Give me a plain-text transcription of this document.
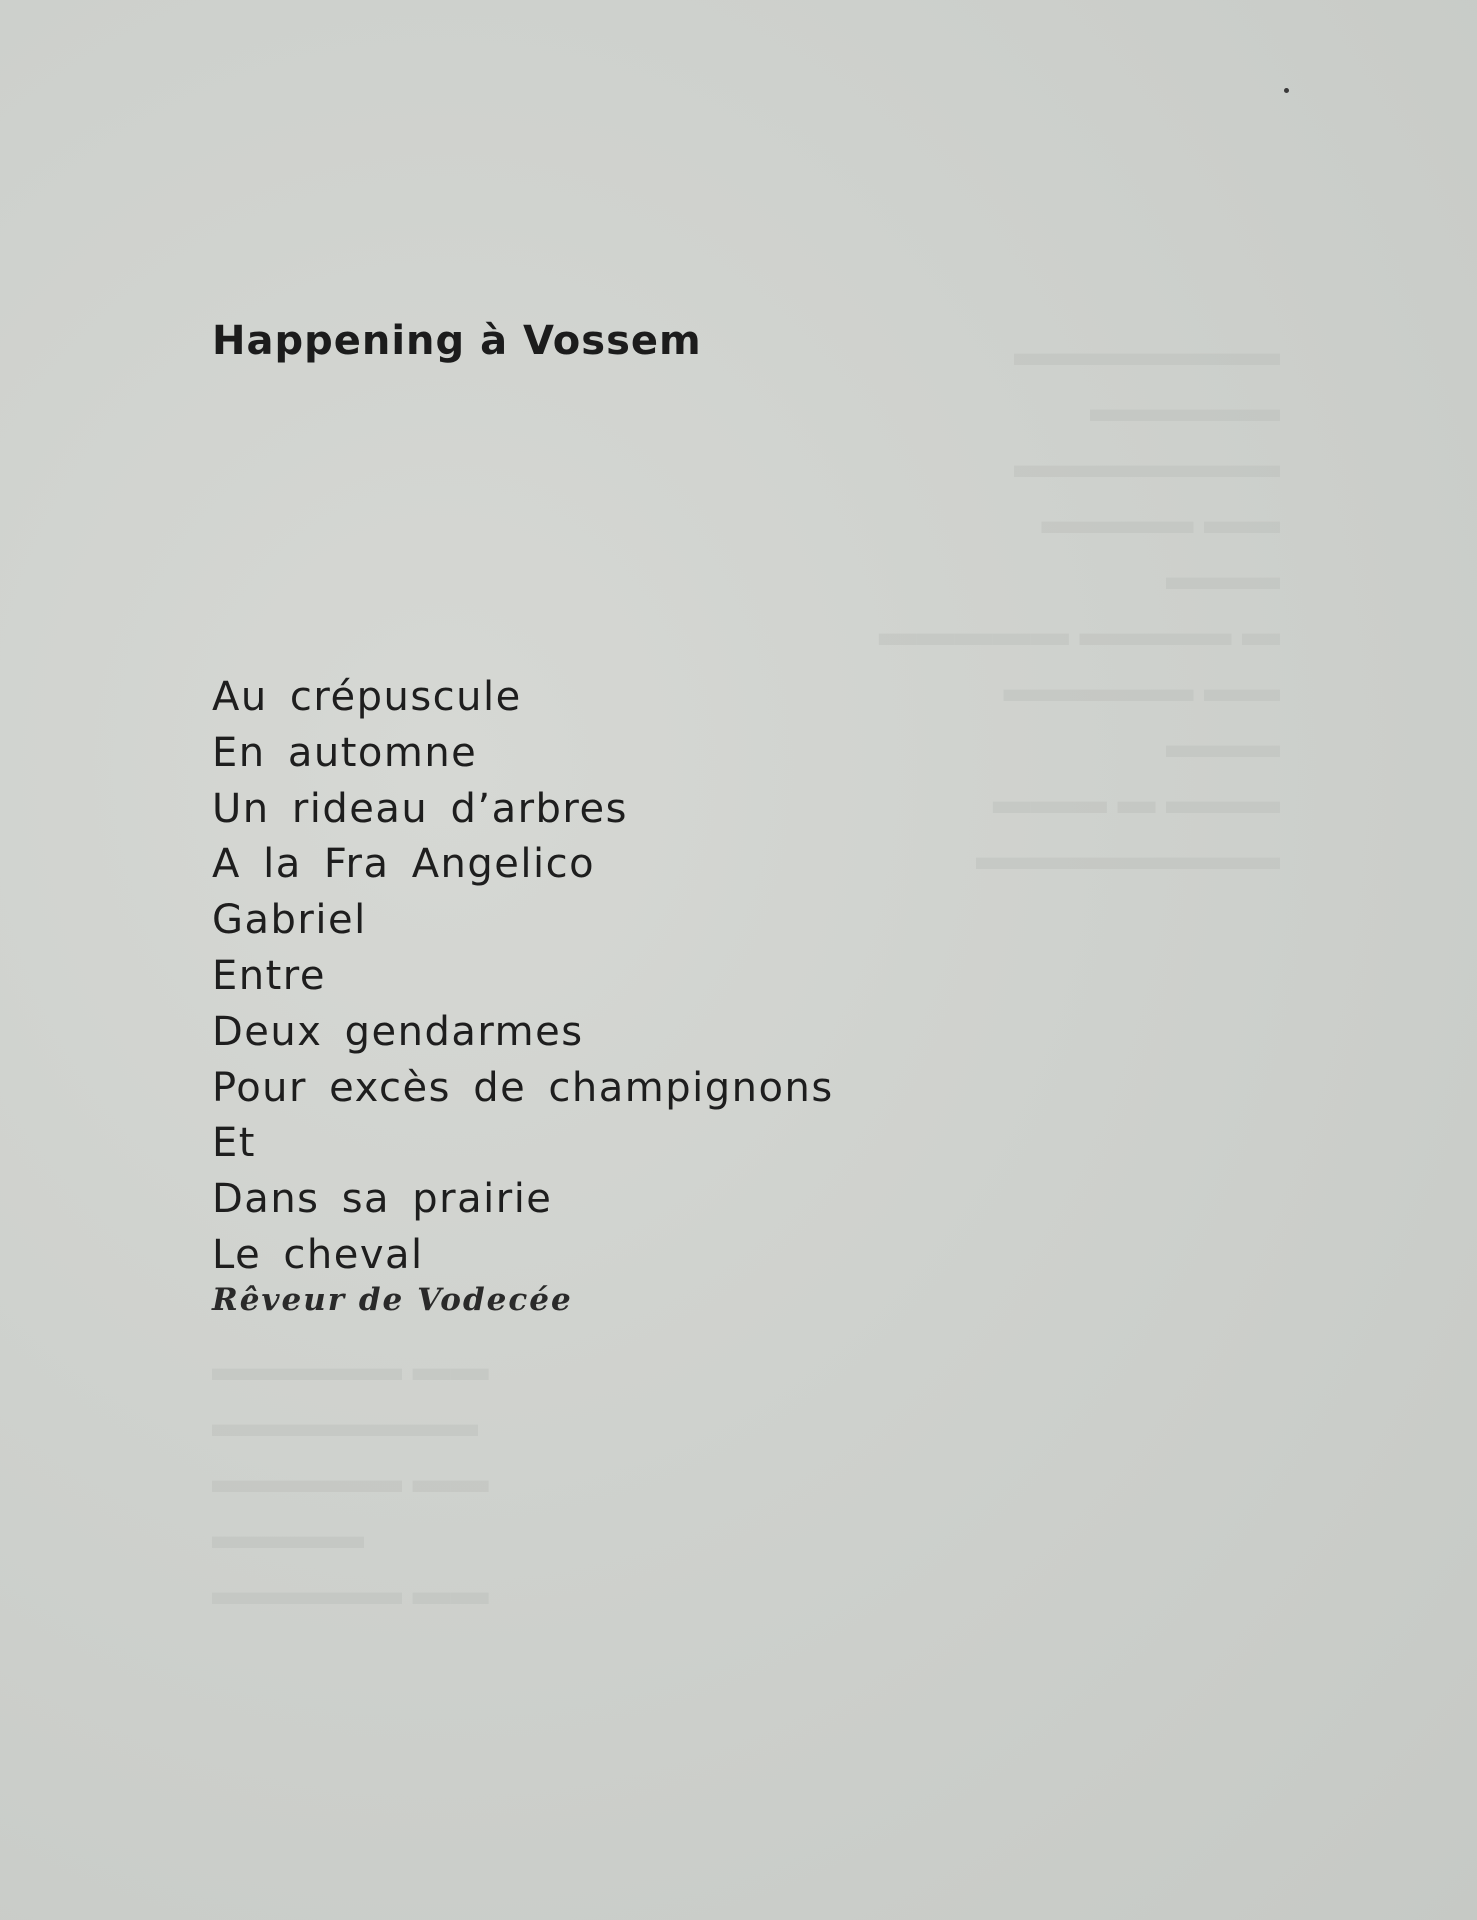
▬▬▬▬▬▬▬
▬▬▬▬▬
▬▬▬▬▬▬▬
▬▬ ▬▬▬▬
▬▬▬
▬ ▬▬▬▬ ▬▬▬▬▬
▬▬ ▬▬▬▬▬
▬▬▬
▬▬▬ ▬ ▬▬▬
▬▬▬▬▬▬▬▬
▬▬ ▬▬▬▬▬
▬▬▬▬▬▬▬
▬▬ ▬▬▬▬▬
▬▬▬▬
▬▬ ▬▬▬▬▬
Happening à Vossem
Au crépuscule
En automne
Un rideau d’arbres
A la Fra Angelico
Gabriel
Entre
Deux gendarmes
Pour excès de champignons
Et
Dans sa prairie
Le cheval

Rêveur de Vodecée
